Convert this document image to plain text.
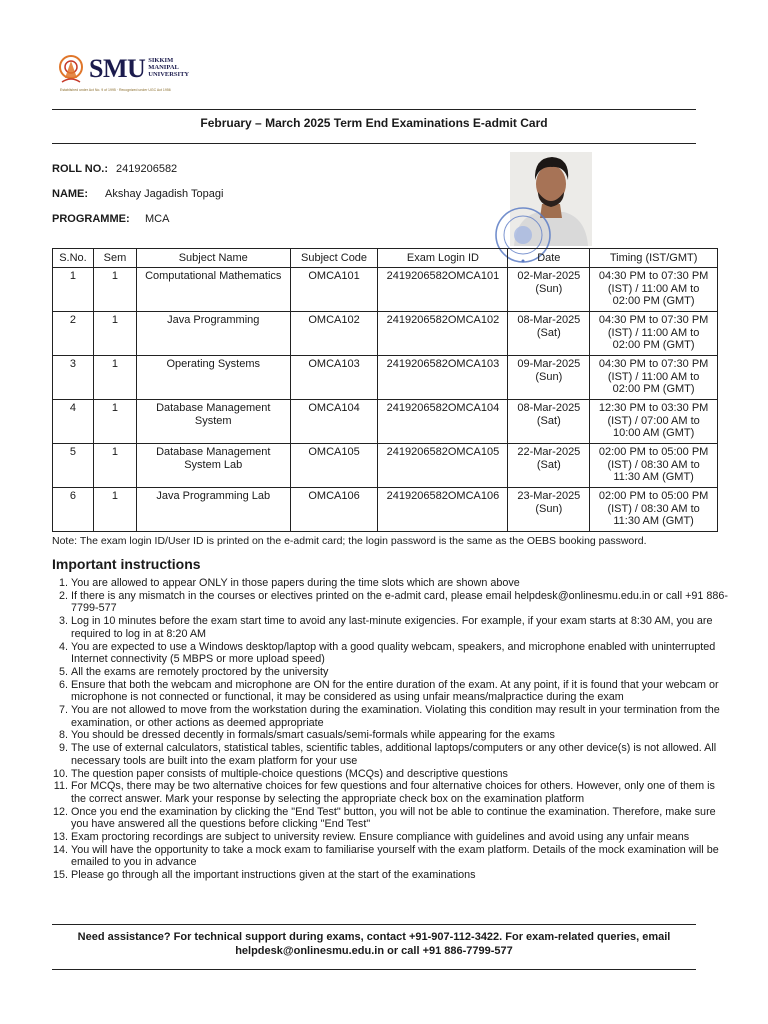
SMU SIKKIM
MANIPAL
UNIVERSITY
Established under Act No. 9 of 1995 · Recognized under UGC Act 1956
February – March 2025 Term End Examinations E-admit Card
ROLL NO.: 2419206582
NAME: Akshay Jagadish Topagi
PROGRAMME: MCA
S.No.	Sem	Subject Name	Subject Code	Exam Login ID	Date	Timing (IST/GMT)
1	1	Computational Mathematics	OMCA101	2419206582OMCA101	02-Mar-2025 (Sun)	04:30 PM to 07:30 PM (IST) / 11:00 AM to 02:00 PM (GMT)
2	1	Java Programming	OMCA102	2419206582OMCA102	08-Mar-2025 (Sat)	04:30 PM to 07:30 PM (IST) / 11:00 AM to 02:00 PM (GMT)
3	1	Operating Systems	OMCA103	2419206582OMCA103	09-Mar-2025 (Sun)	04:30 PM to 07:30 PM (IST) / 11:00 AM to 02:00 PM (GMT)
4	1	Database Management System	OMCA104	2419206582OMCA104	08-Mar-2025 (Sat)	12:30 PM to 03:30 PM (IST) / 07:00 AM to 10:00 AM (GMT)
5	1	Database Management System Lab	OMCA105	2419206582OMCA105	22-Mar-2025 (Sat)	02:00 PM to 05:00 PM (IST) / 08:30 AM to 11:30 AM (GMT)
6	1	Java Programming Lab	OMCA106	2419206582OMCA106	23-Mar-2025 (Sun)	02:00 PM to 05:00 PM (IST) / 08:30 AM to 11:30 AM (GMT)
Note: The exam login ID/User ID is printed on the e-admit card; the login password is the same as the OEBS booking password.
Important instructions
1. You are allowed to appear ONLY in those papers during the time slots which are shown above
2. If there is any mismatch in the courses or electives printed on the e-admit card, please email helpdesk@onlinesmu.edu.in or call +91 886-7799-577
3. Log in 10 minutes before the exam start time to avoid any last-minute exigencies. For example, if your exam starts at 8:30 AM, you are required to log in at 8:20 AM
4. You are expected to use a Windows desktop/laptop with a good quality webcam, speakers, and microphone enabled with uninterrupted Internet connectivity (5 MBPS or more upload speed)
5. All the exams are remotely proctored by the university
6. Ensure that both the webcam and microphone are ON for the entire duration of the exam. At any point, if it is found that your webcam or microphone is not connected or functional, it may be considered as using unfair means/malpractice during the exam
7. You are not allowed to move from the workstation during the examination. Violating this condition may result in your termination from the examination, or other actions as deemed appropriate
8. You should be dressed decently in formals/smart casuals/semi-formals while appearing for the exams
9. The use of external calculators, statistical tables, scientific tables, additional laptops/computers or any other device(s) is not allowed. All necessary tools are built into the exam platform for your use
10. The question paper consists of multiple-choice questions (MCQs) and descriptive questions
11. For MCQs, there may be two alternative choices for few questions and four alternative choices for others. However, only one of them is the correct answer. Mark your response by selecting the appropriate check box on the examination platform
12. Once you end the examination by clicking the "End Test" button, you will not be able to continue the examination. Therefore, make sure you have answered all the questions before clicking "End Test"
13. Exam proctoring recordings are subject to university review. Ensure compliance with guidelines and avoid using any unfair means
14. You will have the opportunity to take a mock exam to familiarise yourself with the exam platform. Details of the mock examination will be emailed to you in advance
15. Please go through all the important instructions given at the start of the examinations
Need assistance? For technical support during exams, contact +91-907-112-3422. For exam-related queries, email
helpdesk@onlinesmu.edu.in or call +91 886-7799-577
